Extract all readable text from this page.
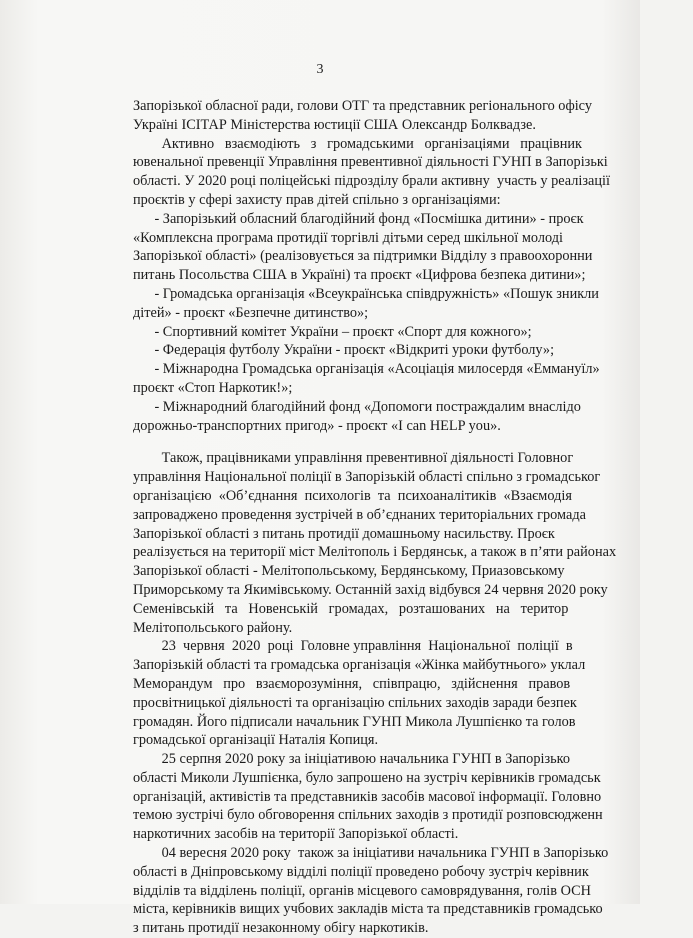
3

Запорізької обласної ради, голови ОТГ та представник регіонального офісу

Україні ІСІТАР Міністерства юстиції США Олександр Болквадзе.

Активно   взаємодіють   з   громадськими   організаціями   працівник

ювенальної превенції Управління превентивної діяльності ГУНП в Запорізькі

області. У 2020 році поліцейські підрозділу брали активну  участь у реалізації

проєктів у сфері захисту прав дітей спільно з організаціями:

- Запорізький обласний благодійний фонд «Посмішка дитини» - проєк

«Комплексна програма протидії торгівлі дітьми серед шкільної молоді

Запорізької області» (реалізовується за підтримки Відділу з правоохоронни

питань Посольства США в Україні) та проєкт «Цифрова безпека дитини»;

- Громадська організація «Всеукраїнська співдружність» «Пошук зникли

дітей» - проєкт «Безпечне дитинство»;

- Спортивний комітет України – проєкт «Спорт для кожного»;

- Федерація футболу України - проєкт «Відкриті уроки футболу»;

- Міжнародна Громадська організація «Асоціація милосердя «Еммануїл»

проєкт «Стоп Наркотик!»;

- Міжнародний благодійний фонд «Допомоги постраждалим внаслідо

дорожньо-транспортних пригод» - проєкт «I can HELP you».

Також, працівниками управління превентивної діяльності Головног

управління Національної поліції в Запорізькій області спільно з громадськог

організацією  «Об’єднання  психологів  та  психоаналітиків  «Взаємодія

запроваджено проведення зустрічей в об’єднаних територіальних громада

Запорізької області з питань протидії домашньому насильству. Проєк

реалізується на території міст Мелітополь і Бердянськ, а також в п’яти районах

Запорізької області - Мелітопольському, Бердянському, Приазовському

Приморському та Якимівському. Останній захід відбувся 24 червня 2020 року

Семенівській   та   Новенській   громадах,   розташованих   на   територ

Мелітопольського району.

23  червня  2020  році  Головне управління  Національної  поліції  в

Запорізькій області та громадська організація «Жінка майбутнього» уклал

Меморандум   про   взаєморозуміння,   співпрацю,   здійснення   правов

просвітницької діяльності та організацію спільних заходів заради безпек

громадян. Його підписали начальник ГУНП Микола Лушпієнко та голов

громадської організації Наталія Копиця.

25 серпня 2020 року за ініціативою начальника ГУНП в Запорізько

області Миколи Лушпієнка, було запрошено на зустріч керівників громадськ

організацій, активістів та представників засобів масової інформації. Головно

темою зустрічі було обговорення спільних заходів з протидії розповсюдженн

наркотичних засобів на території Запорізької області.

04 вересня 2020 року  також за ініціативи начальника ГУНП в Запорізько

області в Дніпровському відділі поліції проведено робочу зустріч керівник

відділів та відділень поліції, органів місцевого самоврядування, голів ОСН

міста, керівників вищих учбових закладів міста та представників громадсько

з питань протидії незаконному обігу наркотиків.
